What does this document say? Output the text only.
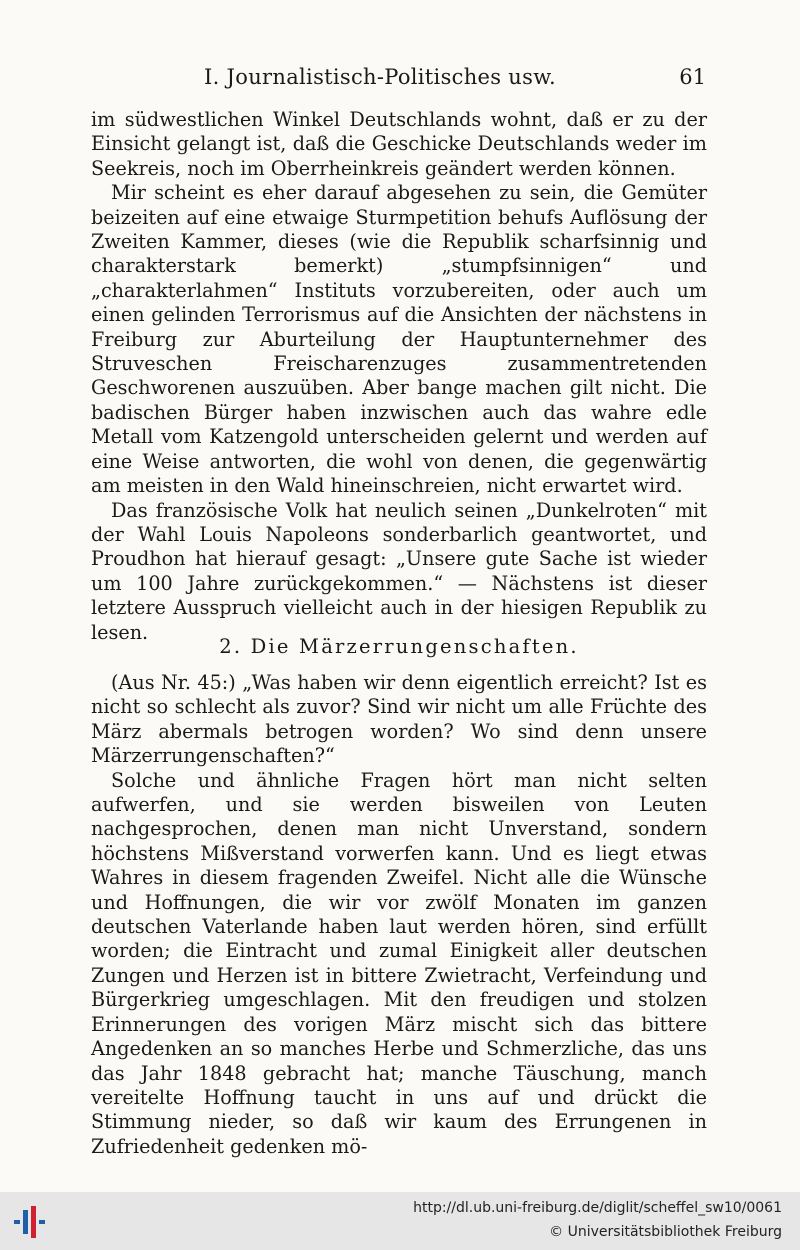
I. Journalistisch-Politisches usw.	61

im südwestlichen Winkel Deutschlands wohnt, daß er zu der Einsicht gelangt ist, daß die Geschicke Deutschlands weder im Seekreis, noch im Oberrheinkreis geändert werden können.

Mir scheint es eher darauf abgesehen zu sein, die Gemüter beizeiten auf eine etwaige Sturmpetition behufs Auflösung der Zweiten Kammer, dieses (wie die Republik scharfsinnig und charakterstark bemerkt) „stumpfsinnigen“ und „charakterlahmen“ Instituts vorzubereiten, oder auch um einen gelinden Terrorismus auf die Ansichten der nächstens in Freiburg zur Aburteilung der Hauptunternehmer des Struveschen Freischarenzuges zusammentretenden Geschworenen auszuüben. Aber bange machen gilt nicht. Die badischen Bürger haben inzwischen auch das wahre edle Metall vom Katzengold unterscheiden gelernt und werden auf eine Weise antworten, die wohl von denen, die gegenwärtig am meisten in den Wald hineinschreien, nicht erwartet wird.

Das französische Volk hat neulich seinen „Dunkelroten“ mit der Wahl Louis Napoleons sonderbarlich geantwortet, und Proudhon hat hierauf gesagt: „Unsere gute Sache ist wieder um 100 Jahre zurückgekommen.“ — Nächstens ist dieser letztere Ausspruch vielleicht auch in der hiesigen Republik zu lesen.

2. Die Märzerrungenschaften.

(Aus Nr. 45:) „Was haben wir denn eigentlich erreicht? Ist es nicht so schlecht als zuvor? Sind wir nicht um alle Früchte des März abermals betrogen worden? Wo sind denn unsere Märzerrungenschaften?“

Solche und ähnliche Fragen hört man nicht selten aufwerfen, und sie werden bisweilen von Leuten nachgesprochen, denen man nicht Unverstand, sondern höchstens Mißverstand vorwerfen kann. Und es liegt etwas Wahres in diesem fragenden Zweifel. Nicht alle die Wünsche und Hoffnungen, die wir vor zwölf Monaten im ganzen deutschen Vaterlande haben laut werden hören, sind erfüllt worden; die Eintracht und zumal Einigkeit aller deutschen Zungen und Herzen ist in bittere Zwietracht, Verfeindung und Bürgerkrieg umgeschlagen. Mit den freudigen und stolzen Erinnerungen des vorigen März mischt sich das bittere Angedenken an so manches Herbe und Schmerzliche, das uns das Jahr 1848 gebracht hat; manche Täuschung, manch vereitelte Hoffnung taucht in uns auf und drückt die Stimmung nieder, so daß wir kaum des Errungenen in Zufriedenheit gedenken mö-

http://dl.ub.uni-freiburg.de/diglit/scheffel_sw10/0061
© Universitätsbibliothek Freiburg
